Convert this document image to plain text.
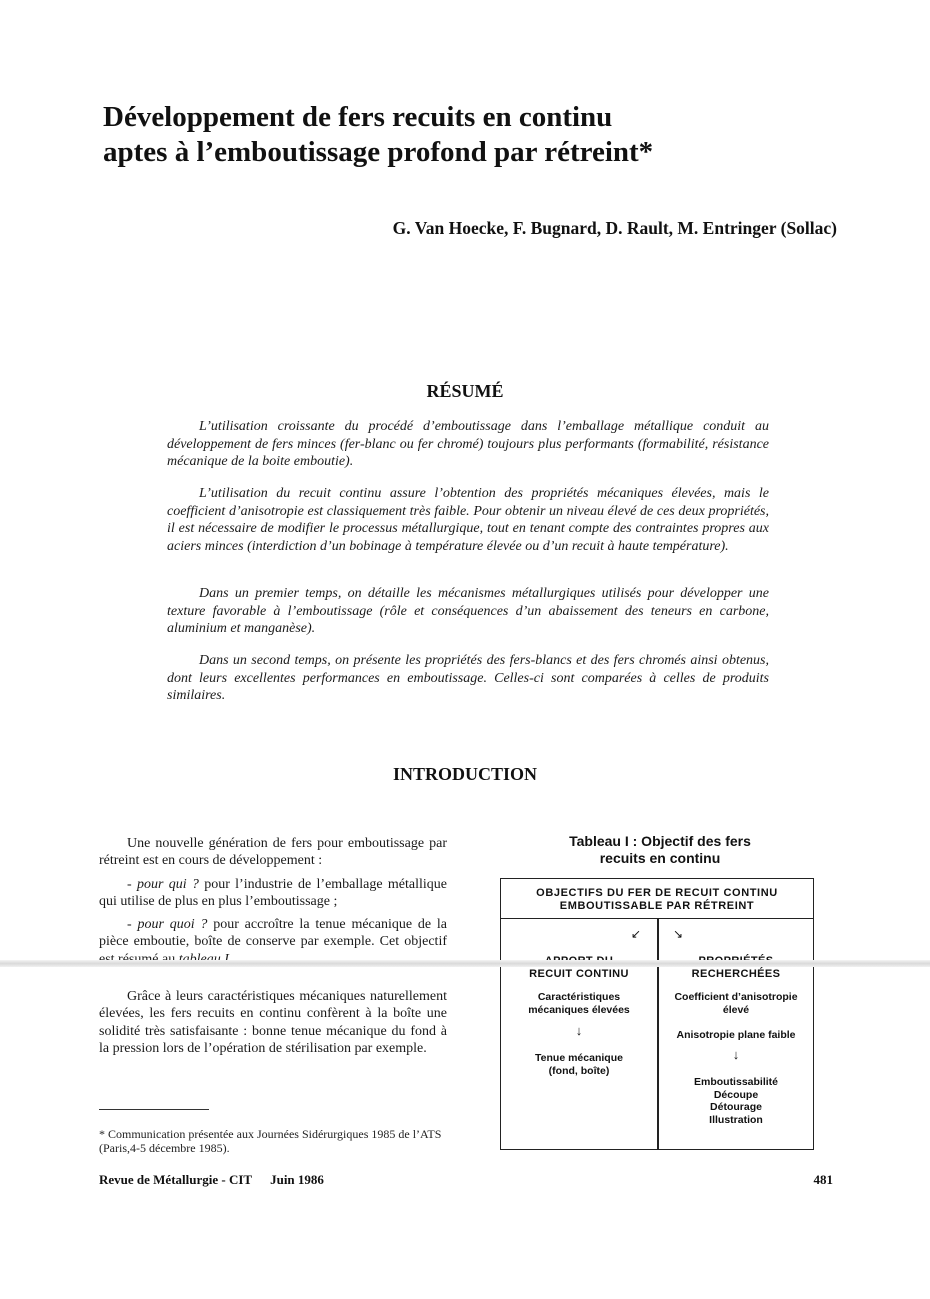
Développement de fers recuits en continu
aptes à l’emboutissage profond par rétreint*
G. Van Hoecke, F. Bugnard, D. Rault, M. Entringer (Sollac)
RÉSUMÉ
L’utilisation croissante du procédé d’emboutissage dans l’emballage métallique conduit au développement de fers minces (fer-blanc ou fer chromé) toujours plus performants (formabilité, résistance mécanique de la boite emboutie).
L’utilisation du recuit continu assure l’obtention des propriétés mécaniques élevées, mais le coefficient d’anisotropie est classiquement très faible. Pour obtenir un niveau élevé de ces deux propriétés, il est nécessaire de modifier le processus métallurgique, tout en tenant compte des contraintes propres aux aciers minces (interdiction d’un bobinage à température élevée ou d’un recuit à haute température).
Dans un premier temps, on détaille les mécanismes métallurgiques utilisés pour développer une texture favorable à l’emboutissage (rôle et conséquences d’un abaissement des teneurs en carbone, aluminium et manganèse).
Dans un second temps, on présente les propriétés des fers-blancs et des fers chromés ainsi obtenus, dont leurs excellentes performances en emboutissage. Celles-ci sont comparées à celles de produits similaires.
INTRODUCTION

Une nouvelle génération de fers pour emboutissage par rétreint est en cours de développement :

- pour qui ? pour l’industrie de l’emballage métallique qui utilise de plus en plus l’emboutissage ;

- pour quoi ? pour accroître la tenue mécanique de la pièce emboutie, boîte de conserve par exemple. Cet objectif

Grâce à leurs caractéristiques mécaniques naturellement élevées, les fers recuits en continu confèrent à la boîte une solidité très satisfaisante : bonne tenue mécanique du fond à la pression lors de l’opération de stérilisation par exemple.

Tableau I : Objectif des fers
recuits en continu
OBJECTIFS DU FER DE RECUIT CONTINU
EMBOUTISSABLE PAR RÉTREINT
↙	↘
RECUIT CONTINU
Caractéristiques
mécaniques élevées
↓
Tenue mécanique
(fond, boîte)
RECHERCHÉES
Coefficient d’anisotropie
élevé
Anisotropie plane faible
↓
Emboutissabilité
Découpe
Détourage
Illustration
* Communication présentée aux Journées Sidérurgiques 1985 de l’ATS
(Paris,4-5 décembre 1985).
Revue de Métallurgie - CIT Juin 1986	481
